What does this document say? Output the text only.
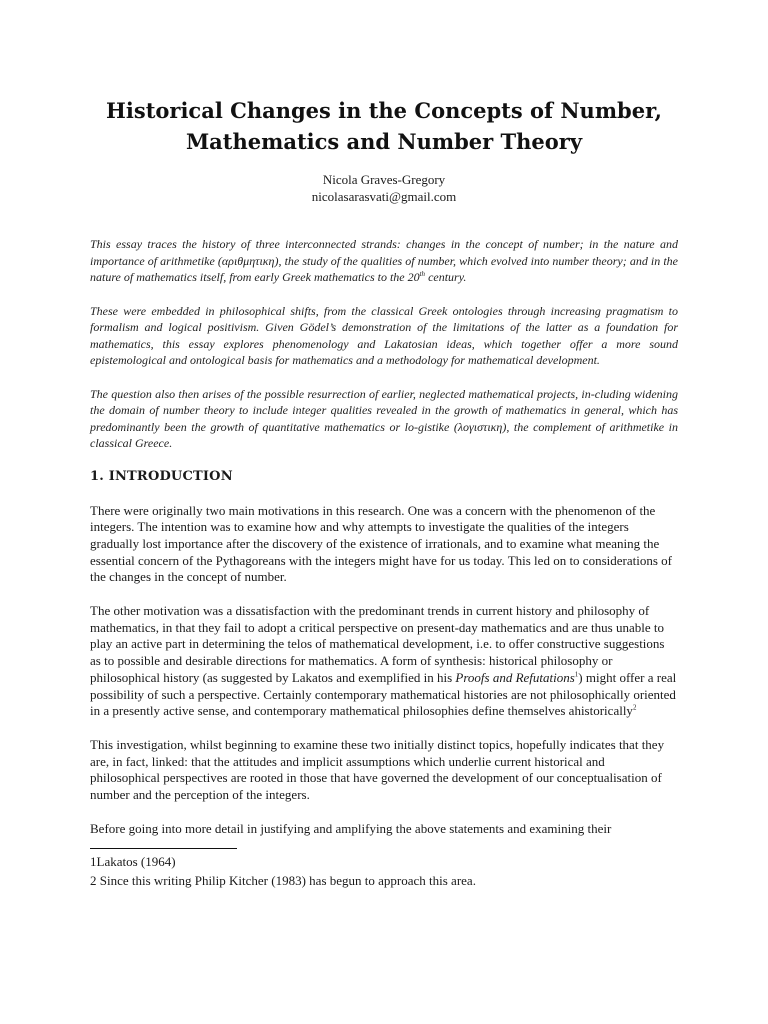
Historical Changes in the Concepts of Number,
Mathematics and Number Theory
Nicola Graves-Gregory
nicolasarasvati@gmail.com

This essay traces the history of three interconnected strands: changes in the concept of number; in the nature and importance of arithmetike (αριθμητικη), the study of the qualities of number, which evolved into number theory; and in the nature of mathematics itself, from early Greek mathematics to the 20th century.

These were embedded in philosophical shifts, from the classical Greek ontologies through increasing pragmatism to formalism and logical positivism. Given Gödel’s demonstration of the limitations of the latter as a foundation for mathematics, this essay explores phenomenology and Lakatosian ideas, which together offer a more sound epistemological and ontological basis for mathematics and a methodology for mathematical development.

The question also then arises of the possible resurrection of earlier, neglected mathematical projects, in-cluding widening the domain of number theory to include integer qualities revealed in the growth of mathematics in general, which has predominantly been the growth of quantitative mathematics or lo-gistike (λογιστικη), the complement of arithmetike in classical Greece.

1. INTRODUCTION

There were originally two main motivations in this research. One was a concern with the phenomenon of the integers. The intention was to examine how and why attempts to investigate the qualities of the integers gradually lost importance after the discovery of the existence of irrationals, and to examine what meaning the essential concern of the Pythagoreans with the integers might have for us today. This led on to considerations of the changes in the concept of number.

The other motivation was a dissatisfaction with the predominant trends in current history and philosophy of mathematics, in that they fail to adopt a critical perspective on present-day mathematics and are thus unable to play an active part in determining the telos of mathematical development, i.e. to offer constructive suggestions as to possible and desirable directions for mathematics. A form of synthesis: historical philosophy or philosophical history (as suggested by Lakatos and exemplified in his Proofs and Refutations$^1$) might offer a real possibility of such a perspective. Certainly contemporary mathematical histories are not philosophically oriented in a presently active sense, and contemporary mathematical philosophies define themselves ahistorically$^2$

This investigation, whilst beginning to examine these two initially distinct topics, hopefully indicates that they are, in fact, linked: that the attitudes and implicit assumptions which underlie current historical and philosophical perspectives are rooted in those that have governed the development of our conceptualisation of number and the perception of the integers.

Before going into more detail in justifying and amplifying the above statements and examining their

1Lakatos (1964)
2 Since this writing Philip Kitcher (1983) has begun to approach this area.
